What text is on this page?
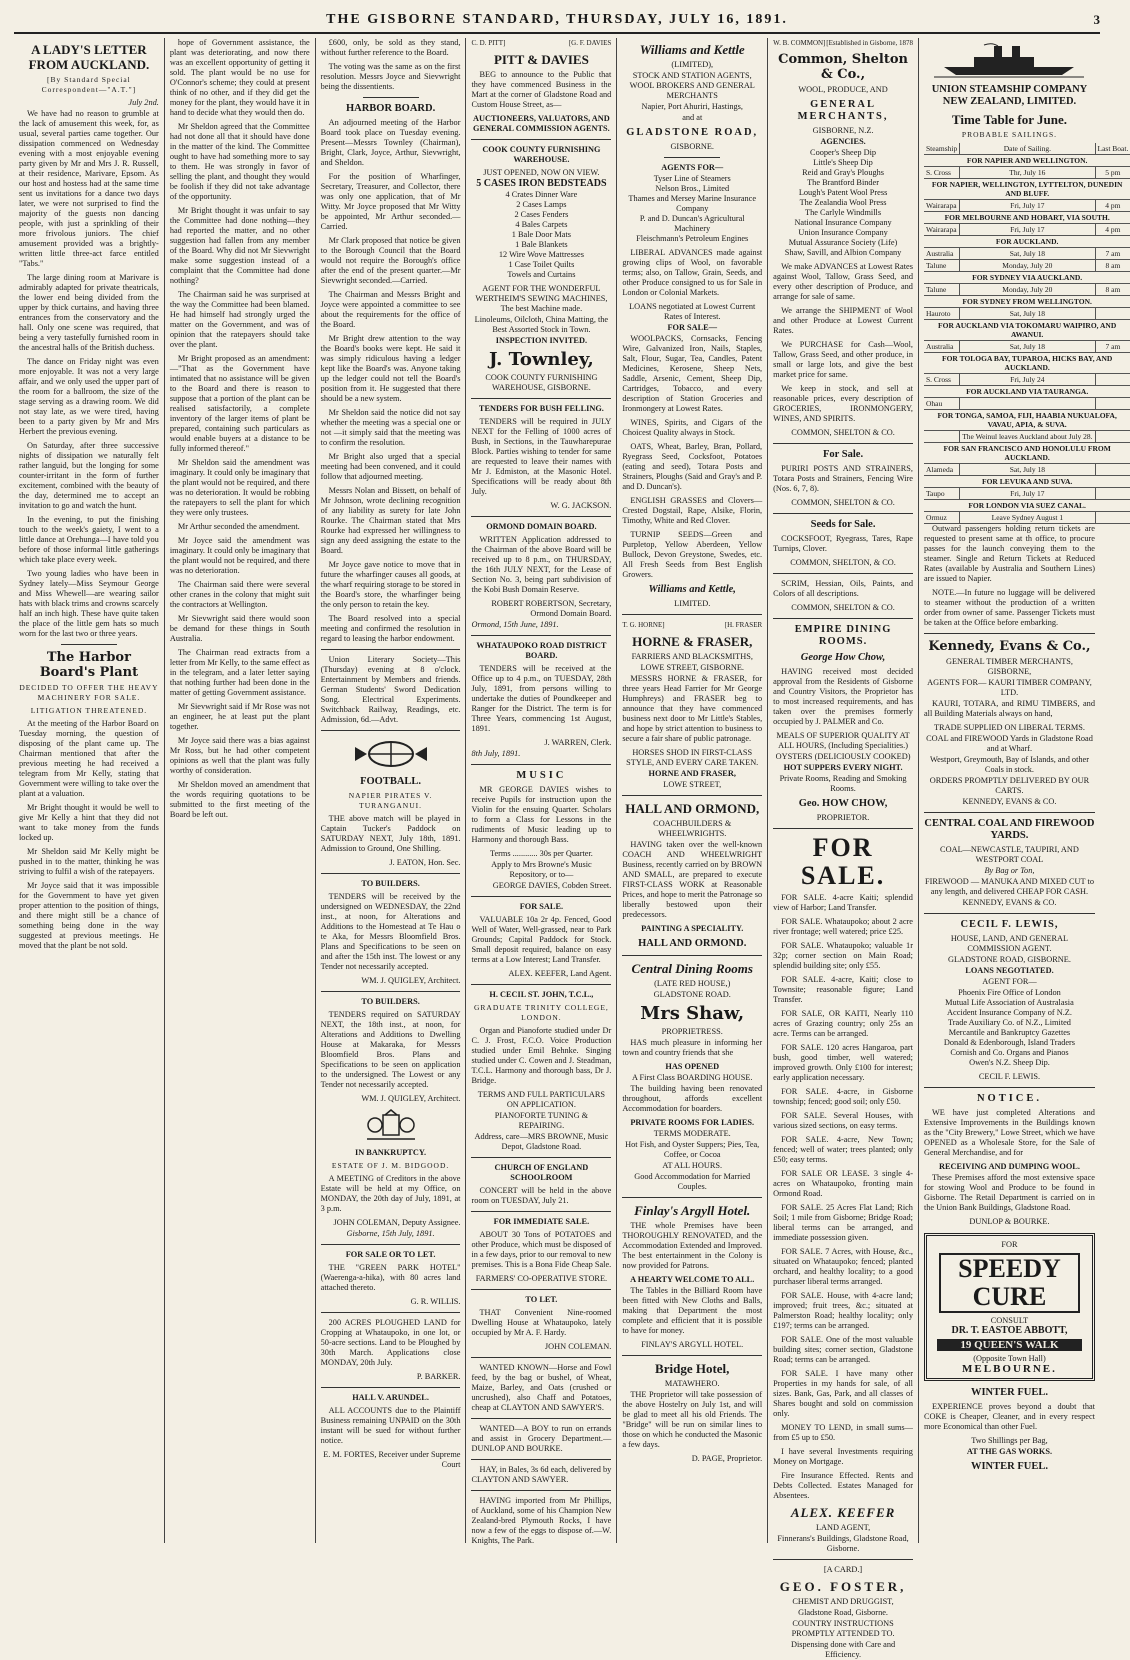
THE GISBORNE STANDARD, THURSDAY, JULY 16, 1891.	3
A LADY'S LETTER FROM AUCKLAND.
[By Standard Special Correspondent—"A.T."]
July 2nd.

We have had no reason to grumble at the lack of amusement this week, for, as usual, several parties came together. Our dissipation commenced on Wednesday evening with a most enjoyable evening party given by Mr and Mrs J. R. Russell, at their residence, Marivare, Epsom. As our host and hostess had at the same time sent us invitations for a dance two days later, we were not surprised to find the majority of the guests non dancing people, with just a sprinkling of their more frivolous juniors. The chief amusement provided was a brightly-written little three-act farce entitled "Tabs."

The large dining room at Marivare is admirably adapted for private theatricals, the lower end being divided from the upper by thick curtains, and having three entrances from the conservatory and the hall. Only one scene was required, that being a very tastefully furnished room in the ancestral halls of the British duchess.

The dance on Friday night was even more enjoyable. It was not a very large affair, and we only used the upper part of the room for a ballroom, the size of the stage serving as a drawing room. We did not stay late, as we were tired, having been to a party given by Mr and Mrs Herbert the previous evening.

On Saturday, after three successive nights of dissipation we naturally felt rather languid, but the longing for some counter-irritant in the form of further excitement, combined with the beauty of the day, determined me to accept an invitation to go and watch the hunt.

In the evening, to put the finishing touch to the week's gaiety, I went to a little dance at Orehunga—I have told you before of those informal little gatherings which take place every week.

Two young ladies who have been in Sydney lately—Miss Seymour George and Miss Whewell—are wearing sailor hats with black trims and crowns scarcely half an inch high. These have quite taken the place of the little gem hats so much worn for the last two or three years.

The Harbor Board's Plant
DECIDED TO OFFER THE HEAVY MACHINERY FOR SALE.
LITIGATION THREATENED.

At the meeting of the Harbor Board on Tuesday morning, the question of disposing of the plant came up. The Chairman mentioned that after the previous meeting he had received a telegram from Mr Kelly, stating that Government were willing to take over the plant at a valuation.

Mr Bright thought it would be well to give Mr Kelly a hint that they did not want to take money from the funds locked up.

Mr Sheldon said Mr Kelly might be pushed in to the matter, thinking he was striving to fulfil a wish of the ratepayers.

Mr Joyce said that it was impossible for the Government to have yet given proper attention to the position of things, and there might still be a chance of something being done in the way suggested at previous meetings. He moved that the plant be not sold.

hope of Government assistance, the plant was deteriorating, and now there was an excellent opportunity of getting it sold. The plant would be no use for O'Connor's scheme; they could at present think of no other, and if they did get the money for the plant, they would have it in hand to decide what they would then do.

Mr Sheldon agreed that the Committee had not done all that it should have done in the matter of the kind. The Committee ought to have had something more to say to them. He was strongly in favor of selling the plant, and thought they would be foolish if they did not take advantage of the opportunity.

Mr Bright thought it was unfair to say the Committee had done nothing—they had reported the matter, and no other suggestion had fallen from any member of the Board. Why did not Mr Sievwright make some suggestion instead of a complaint that the Committee had done nothing?

The Chairman said he was surprised at the way the Committee had been blamed. He had himself had strongly urged the matter on the Government, and was of opinion that the ratepayers should take over the plant.

Mr Bright proposed as an amendment:—"That as the Government have intimated that no assistance will be given to the Board and there is reason to suppose that a portion of the plant can be realised satisfactorily, a complete inventory of the larger items of plant be prepared, containing such particulars as would enable buyers at a distance to be fully informed thereof."

Mr Sheldon said the amendment was imaginary. It could only be imaginary that the plant would not be required, and there was no deterioration. It would be robbing the ratepayers to sell the plant for which they were only trustees.

Mr Arthur seconded the amendment.

Mr Joyce said the amendment was imaginary. It could only be imaginary that the plant would not be required, and there was no deterioration.

The Chairman said there were several other cranes in the colony that might suit the contractors at Wellington.

Mr Sievwright said there would soon be demand for these things in South Australia.

The Chairman read extracts from a letter from Mr Kelly, to the same effect as in the telegram, and a later letter saying that nothing further had been done in the matter of getting Government assistance.

Mr Sievwright said if Mr Rose was not an engineer, he at least put the plant together.

Mr Joyce said there was a bias against Mr Ross, but he had other competent opinions as well that the plant was fully worthy of consideration.

Mr Sheldon moved an amendment that the words requiring quotations to be submitted to the first meeting of the Board be left out.

£600, only, be sold as they stand, without further reference to the Board.

The voting was the same as on the first resolution. Messrs Joyce and Sievwright being the dissentients.

HARBOR BOARD.

An adjourned meeting of the Harbor Board took place on Tuesday evening. Present—Messrs Townley (Chairman), Bright, Clark, Joyce, Arthur, Sievwright, and Sheldon.

For the position of Wharfinger, Secretary, Treasurer, and Collector, there was only one application, that of Mr Witty. Mr Joyce proposed that Mr Witty be appointed, Mr Arthur seconded.—Carried.

Mr Clark proposed that notice be given to the Borough Council that the Board would not require the Borough's office after the end of the present quarter.—Mr Sievwright seconded.—Carried.

The Chairman and Messrs Bright and Joyce were appointed a committee to see about the requirements for the office of the Board.

Mr Bright drew attention to the way the Board's books were kept. He said it was simply ridiculous having a ledger kept like the Board's was. Anyone taking up the ledger could not tell the Board's position from it. He suggested that there should be a new system.

Mr Sheldon said the notice did not say whether the meeting was a special one or not —it simply said that the meeting was to confirm the resolution.

Mr Bright also urged that a special meeting had been convened, and it could follow that adjourned meeting.

Messrs Nolan and Bissett, on behalf of Mr Johnson, wrote declining recognition of any liability as surety for late John Rourke. The Chairman stated that Mrs Rourke had expressed her willingness to sign any deed assigning the estate to the Board.

Mr Joyce gave notice to move that in future the wharfinger causes all goods, at the wharf requiring storage to be stored in the Board's store, the wharfinger being the only person to retain the key.

The Board resolved into a special meeting and confirmed the resolution in regard to leasing the harbor endowment.

Union Literary Society—This (Thursday) evening at 8 o'clock. Entertainment by Members and friends. German Students' Sword Dedication Song. Electrical Experiments. Switchback Railway, Readings, etc. Admission, 6d.—Advt.

FOOTBALL.
NAPIER PIRATES V. TURANGANUI.

THE above match will be played in Captain Tucker's Paddock on SATURDAY NEXT, July 18th, 1891. Admission to Ground, One Shilling.

J. EATON, Hon. Sec.
TO BUILDERS.

TENDERS will be received by the undersigned on WEDNESDAY, the 22nd inst., at noon, for Alterations and Additions to the Homestead at Te Hau o te Aka, for Messrs Bloomfield Bros. Plans and Specifications to be seen on and after the 15th inst. The lowest or any Tender not necessarily accepted.

WM. J. QUIGLEY, Architect.
TO BUILDERS.

TENDERS required on SATURDAY NEXT, the 18th inst., at noon, for Alterations and Additions to Dwelling House at Makaraka, for Messrs Bloomfield Bros. Plans and Specifications to be seen on application to the undersigned. The Lowest or any Tender not necessarily accepted.

WM. J. QUIGLEY, Architect.
IN BANKRUPTCY.
ESTATE OF J. M. BIDGOOD.

A MEETING of Creditors in the above Estate will be held at my Office, on MONDAY, the 20th day of July, 1891, at 3 p.m.

JOHN COLEMAN, Deputy Assignee.
Gisborne, 15th July, 1891.
FOR SALE OR TO LET.

THE "GREEN PARK HOTEL" (Waerenga-a-hika), with 80 acres land attached thereto.

G. R. WILLIS.

200 ACRES PLOUGHED LAND for Cropping at Whataupoko, in one lot, or 50-acre sections. Land to be Ploughed by 30th March. Applications close MONDAY, 20th July.

P. BARKER.
HALL V. ARUNDEL.

ALL ACCOUNTS due to the Plaintiff Business remaining UNPAID on the 30th instant will be sued for without further notice.

E. M. FORTES, Receiver under Supreme Court
C. D. PITT]	[G. F. DAVIES
PITT & DAVIES

BEG to announce to the Public that they have commenced Business in the Mart at the corner of Gladstone Road and Custom House Street, as—

AUCTIONEERS, VALUATORS, AND GENERAL COMMISSION AGENTS.
COOK COUNTY FURNISHING WAREHOUSE.
JUST OPENED, NOW ON VIEW.
5 CASES IRON BEDSTEADS
4 Crates Dinner Ware
2 Cases Lamps
2 Cases Fenders
4 Bales Carpets
1 Bale Door Mats
1 Bale Blankets
12 Wire Wove Mattresses
1 Case Toilet Quilts
Towels and Curtains
AGENT FOR THE WONDERFUL WERTHEIM'S SEWING MACHINES, The best Machine made.
Linoleums, Oilcloth, China Matting, the Best Assorted Stock in Town.
INSPECTION INVITED.
J. Townley,
COOK COUNTY FURNISHING WAREHOUSE, GISBORNE.
TENDERS FOR BUSH FELLING.

TENDERS will be required in JULY NEXT for the Felling of 1000 acres of Bush, in Sections, in the Tauwharepurae Block. Parties wishing to tender for same are requested to leave their names with Mr J. Edmiston, at the Masonic Hotel. Specifications will be ready about 8th July.

W. G. JACKSON.
ORMOND DOMAIN BOARD.

WRITTEN Application addressed to the Chairman of the above Board will be received up to 8 p.m., on THURSDAY, the 16th JULY NEXT, for the Lease of Section No. 3, being part subdivision of the Kobi Bush Domain Reserve.

ROBERT ROBERTSON, Secretary, Ormond Domain Board.
Ormond, 15th June, 1891.
WHATAUPOKO ROAD DISTRICT BOARD.

TENDERS will be received at the Office up to 4 p.m., on TUESDAY, 28th July, 1891, from persons willing to undertake the duties of Poundkeeper and Ranger for the District. The term is for Three Years, commencing 1st August, 1891.

J. WARREN, Clerk.
8th July, 1891.
MUSIC

MR GEORGE DAVIES wishes to receive Pupils for instruction upon the Violin for the ensuing Quarter. Scholars to form a Class for Lessons in the rudiments of Music leading up to Harmony and thorough Bass.

Terms ............ 30s per Quarter.
Apply to Mrs Browne's Music Repository, or to—
GEORGE DAVIES, Cobden Street.
FOR SALE.

VALUABLE 10a 2r 4p. Fenced, Good Well of Water, Well-grassed, near to Park Grounds; Capital Paddock for Stock. Small deposit required, balance on easy terms at a Low Interest; Land Transfer.

ALEX. KEEFER, Land Agent.
H. CECIL ST. JOHN, T.C.L.,
GRADUATE TRINITY COLLEGE, LONDON.

Organ and Pianoforte studied under Dr C. J. Frost, F.C.O. Voice Production studied under Emil Behnke. Singing studied under C. Cowen and J. Steadman, T.C.L. Harmony and thorough bass, Dr J. Bridge.

TERMS AND FULL PARTICULARS ON APPLICATION.
PIANOFORTE TUNING & REPAIRING.
Address, care—MRS BROWNE, Music Depot, Gladstone Road.
CHURCH OF ENGLAND SCHOOLROOM

CONCERT will be held in the above room on TUESDAY, July 21.

FOR IMMEDIATE SALE.

ABOUT 30 Tons of POTATOES and other Produce, which must be disposed of in a few days, prior to our removal to new premises. This is a Bona Fide Cheap Sale.

FARMERS' CO-OPERATIVE STORE.
TO LET.

THAT Convenient Nine-roomed Dwelling House at Whataupoko, lately occupied by Mr A. F. Hardy.

JOHN COLEMAN.

WANTED KNOWN—Horse and Fowl feed, by the bag or bushel, of Wheat, Maize, Barley, and Oats (crushed or uncrushed), also Chaff and Potatoes, cheap at CLAYTON AND SAWYER'S.

WANTED—A BOY to run on errands and assist in Grocery Department.—DUNLOP AND BOURKE.

HAY, in Bales, 3s 6d each, delivered by CLAYTON AND SAWYER.

HAVING imported from Mr Phillips, of Auckland, some of his Champion New Zealand-bred Plymouth Rocks, I have now a few of the eggs to dispose of.—W. Knights, The Park.

Williams and Kettle
(LIMITED),
STOCK AND STATION AGENTS, WOOL BROKERS AND GENERAL MERCHANTS
Napier, Port Ahuriri, Hastings,
and at
GLADSTONE ROAD,
GISBORNE.
AGENTS FOR—
Tyser Line of Steamers
Nelson Bros., Limited
Thames and Mersey Marine Insurance Company
P. and D. Duncan's Agricultural Machinery
Fleischmann's Petroleum Engines

LIBERAL ADVANCES made against growing clips of Wool, on favorable terms; also, on Tallow, Grain, Seeds, and other Produce consigned to us for Sale in London or Colonial Markets.

LOANS negotiated at Lowest Current Rates of Interest.
FOR SALE—

WOOLPACKS, Cornsacks, Fencing Wire, Galvanized Iron, Nails, Staples, Salt, Flour, Sugar, Tea, Candles, Patent Medicines, Kerosene, Sheep Nets, Saddle, Arsenic, Cement, Sheep Dip, Cartridges, Tobacco, and every description of Station Groceries and Ironmongery at Lowest Rates.

WINES, Spirits, and Cigars of the Choicest Quality always in Stock.

OATS, Wheat, Barley, Bran, Pollard, Ryegrass Seed, Cocksfoot, Potatoes (eating and seed), Totara Posts and Strainers, Ploughs (Said and Gray's and P. and D. Duncan's).

ENGLISH GRASSES and Clovers—Crested Dogstail, Rape, Alsike, Florin, Timothy, White and Red Clover.

TURNIP SEEDS—Green and Purpletop, Yellow Aberdeen, Yellow Bullock, Devon Greystone, Swedes, etc. All Fresh Seeds from Best English Growers.

Williams and Kettle,
LIMITED.
T. G. HORNE]	[H. FRASER
HORNE & FRASER,
FARRIERS AND BLACKSMITHS,
LOWE STREET, GISBORNE.

MESSRS HORNE & FRASER, for three years Head Farrier for Mr George Humphreys) and FRASER beg to announce that they have commenced business next door to Mr Little's Stables, and hope by strict attention to business to secure a fair share of public patronage.

HORSES SHOD IN FIRST-CLASS STYLE, AND EVERY CARE TAKEN.
HORNE AND FRASER,
LOWE STREET,
HALL AND ORMOND,
COACHBUILDERS & WHEELWRIGHTS.

HAVING taken over the well-known COACH AND WHEELWRIGHT Business, recently carried on by BROWN AND SMALL, are prepared to execute FIRST-CLASS WORK at Reasonable Prices, and hope to merit the Patronage so liberally bestowed upon their predecessors.

PAINTING A SPECIALITY.
HALL AND ORMOND.
Central Dining Rooms
(LATE RED HOUSE,)
GLADSTONE ROAD.
Mrs Shaw,
PROPRIETRESS.

HAS much pleasure in informing her town and country friends that she

HAS OPENED
A First Class BOARDING HOUSE.

The building having been renovated throughout, affords excellent Accommodation for boarders.

PRIVATE ROOMS FOR LADIES.
TERMS MODERATE.
Hot Fish, and Oyster Suppers; Pies, Tea, Coffee, or Cocoa
AT ALL HOURS.
Good Accommodation for Married Couples.
Finlay's Argyll Hotel.

THE whole Premises have been THOROUGHLY RENOVATED, and the Accommodation Extended and Improved. The best entertainment in the Colony is now provided for Patrons.

A HEARTY WELCOME TO ALL.

The Tables in the Billiard Room have been fitted with New Cloths and Balls, making that Department the most complete and efficient that it is possible to have for money.

FINLAY'S ARGYLL HOTEL.
Bridge Hotel,
MATAWHERO.

THE Proprietor will take possession of the above Hostelry on July 1st, and will be glad to meet all his old Friends. The "Bridge" will be run on similar lines to those on which he conducted the Masonic a few days.

D. PAGE, Proprietor.
W. B. COMMON] [Established in Gisborne, 1878
Common, Shelton & Co.,
WOOL, PRODUCE, AND
GENERAL MERCHANTS,
GISBORNE, N.Z.
AGENCIES.
Cooper's Sheep Dip
Little's Sheep Dip
Reid and Gray's Ploughs
The Brantford Binder
Lough's Patent Wool Press
The Zealandia Wool Press
The Carlyle Windmills
National Insurance Company
Union Insurance Company
Mutual Assurance Society (Life)
Shaw, Savill, and Albion Company

We make ADVANCES at Lowest Rates against Wool, Tallow, Grass Seed, and every other description of Produce, and arrange for sale of same.

We arrange the SHIPMENT of Wool and other Produce at Lowest Current Rates.

We PURCHASE for Cash—Wool, Tallow, Grass Seed, and other produce, in small or large lots, and give the best market price for same.

We keep in stock, and sell at reasonable prices, every description of GROCERIES, IRONMONGERY, WINES, AND SPIRITS.

COMMON, SHELTON & CO.
For Sale.

PURIRI POSTS AND STRAINERS, Totara Posts and Strainers, Fencing Wire (Nos. 6, 7, 8).

COMMON, SHELTON & CO.
Seeds for Sale.

COCKSFOOT, Ryegrass, Tares, Rape Turnips, Clover.

COMMON, SHELTON, & CO.

SCRIM, Hessian, Oils, Paints, and Colors of all descriptions.

COMMON, SHELTON & CO.
EMPIRE DINING ROOMS.
George How Chow,

HAVING received most decided approval from the Residents of Gisborne and Country Visitors, the Proprietor has to most increased requirements, and has taken over the premises formerly occupied by J. PALMER and Co.

MEALS OF SUPERIOR QUALITY AT ALL HOURS, (Including Specialities.)
OYSTERS (DELICIOUSLY COOKED)
HOT SUPPERS EVERY NIGHT.
Private Rooms, Reading and Smoking Rooms.
Geo. HOW CHOW,
PROPRIETOR.
FOR SALE.

FOR SALE. 4-acre Kaiti; splendid view of Harbor; Land Transfer.

FOR SALE. Whataupoko; about 2 acre river frontage; well watered; price £25.

FOR SALE. Whataupoko; valuable 1r 32p; corner section on Main Road; splendid building site; only £55.

FOR SALE. 4-acre, Kaiti; close to Townsite; reasonable figure; Land Transfer.

FOR SALE, OR KAITI, Nearly 110 acres of Grazing country; only 25s an acre. Terms can be arranged.

FOR SALE. 120 acres Hangaroa, part bush, good timber, well watered; improved growth. Only £100 for interest; early application necessary.

FOR SALE. 4-acre, in Gisborne township; fenced; good soil; only £50.

FOR SALE. Several Houses, with various sized sections, on easy terms.

FOR SALE. 4-acre, New Town; fenced; well of water; trees planted; only £50; easy terms.

FOR SALE OR LEASE. 3 single 4-acres on Whataupoko, fronting main Ormond Road.

FOR SALE. 25 Acres Flat Land; Rich Soil; 1 mile from Gisborne; Bridge Road; liberal terms can be arranged, and immediate possession given.

FOR SALE. 7 Acres, with House, &c., situated on Whataupoko; fenced; planted orchard, and healthy locality; to a good purchaser liberal terms arranged.

FOR SALE. House, with 4-acre land; improved; fruit trees, &c.; situated at Palmerston Road; healthy locality; only £197; terms can be arranged.

FOR SALE. One of the most valuable building sites; corner section, Gladstone Road; terms can be arranged.

FOR SALE. I have many other Properties in my hands for sale, of all sizes. Bank, Gas, Park, and all classes of Shares bought and sold on commission only.

MONEY TO LEND, in small sums—from £5 up to £50.

I have several Investments requiring Money on Mortgage.

Fire Insurance Effected. Rents and Debts Collected. Estates Managed for Absentees.

ALEX. KEEFER
LAND AGENT,
Finnerans's Buildings, Gladstone Road, Gisborne.
[A CARD.]
GEO. FOSTER,
CHEMIST AND DRUGGIST,
Gladstone Road, Gisborne.
COUNTRY INSTRUCTIONS PROMPTLY ATTENDED TO.
Dispensing done with Care and Efficiency.
UNION STEAMSHIP COMPANY NEW ZEALAND, LIMITED.
Time Table for June.
PROBABLE SAILINGS.
Steamship	Date of Sailing.	Last Boat.
FOR NAPIER AND WELLINGTON.		
S. Cross	Thr, July 16	5 pm
FOR NAPIER, WELLINGTON, LYTTELTON, DUNEDIN AND BLUFF.		
Wairarapa	Fri, July 17	4 pm
FOR MELBOURNE AND HOBART, VIA SOUTH.		
Wairarapa	Fri, July 17	4 pm
FOR AUCKLAND.		
Australia	Sat, July 18	7 am
Talune	Monday, July 20	8 am
FOR SYDNEY VIA AUCKLAND.		
Talune	Monday, July 20	8 am
FOR SYDNEY FROM WELLINGTON.		
Hauroto	Sat, July 18	
FOR AUCKLAND VIA TOKOMARU WAIPIRO, AND AWANUI.		
Australia	Sat, July 18	7 am
FOR TOLOGA BAY, TUPAROA, HICKS BAY, AND AUCKLAND.		
S. Cross	Fri, July 24	
FOR AUCKLAND VIA TAURANGA.		
Ohau		
FOR TONGA, SAMOA, FIJI, HAABIA NUKUALOFA, VAVAU, APIA, & SUVA.		
	The Weinul leaves Auckland about July 28.	
FOR SAN FRANCISCO AND HONOLULU FROM AUCKLAND.		
Alameda	Sat, July 18	
FOR LEVUKA AND SUVA.		
Taupo	Fri, July 17	
FOR LONDON VIA SUEZ CANAL.		
Ormuz	Leave Sydney August 1	

Outward passengers holding return tickets are requested to present same at th office, to procure passes for the launch conveying them to the steamer. Single and Return Tickets at Reduced Rates (available by Australia and Southern Lines) are issued to Napier.

NOTE.—In future no luggage will be delivered to steamer without the production of a written order from owner of same. Passenger Tickets must be taken at the Office before embarking.

Kennedy, Evans & Co.,
GENERAL TIMBER MERCHANTS, GISBORNE,
AGENTS FOR— KAURI TIMBER COMPANY, LTD.

KAURI, TOTARA, and RIMU TIMBERS, and all Building Materials always on hand,

TRADE SUPPLIED ON LIBERAL TERMS.
COAL and FIREWOOD Yards in Gladstone Road and at Wharf.
Westport, Greymouth, Bay of Islands, and other Coals in stock.
ORDERS PROMPTLY DELIVERED BY OUR CARTS.
KENNEDY, EVANS & CO.
CENTRAL COAL AND FIREWOOD YARDS.
COAL—NEWCASTLE, TAUPIRI, AND WESTPORT COAL
By Bag or Ton,
FIREWOOD — MANUKA AND MIXED CUT to any length, and delivered CHEAP FOR CASH.
KENNEDY, EVANS & CO.
CECIL F. LEWIS,
HOUSE, LAND, AND GENERAL COMMISSION AGENT.
GLADSTONE ROAD, GISBORNE.
LOANS NEGOTIATED.
AGENT FOR—
Phoenix Fire Office of London
Mutual Life Association of Australasia
Accident Insurance Company of N.Z.
Trade Auxiliary Co. of N.Z., Limited
Mercantile and Bankruptcy Gazettes
Donald & Edenborough, Island Traders
Cornish and Co. Organs and Pianos
Owen's N.Z. Sheep Dip.
CECIL F. LEWIS.
NOTICE.

WE have just completed Alterations and Extensive Improvements in the Buildings known as the "City Brewery," Lowe Street, which we have OPENED as a Wholesale Store, for the Sale of General Merchandise, and for

RECEIVING AND DUMPING WOOL.

These Premises afford the most extensive space for stowing Wool and Produce to be found in Gisborne. The Retail Department is carried on in the Union Bank Buildings, Gladstone Road.

DUNLOP & BOURKE.
FOR
SPEEDY CURE
CONSULT
DR. T. EASTOE ABBOTT,
19 QUEEN'S WALK
(Opposite Town Hall)
MELBOURNE.
WINTER FUEL.

EXPERIENCE proves beyond a doubt that COKE is Cheaper, Cleaner, and in every respect more Economical than other Fuel.

Two Shillings per Bag,
AT THE GAS WORKS.
WINTER FUEL.
